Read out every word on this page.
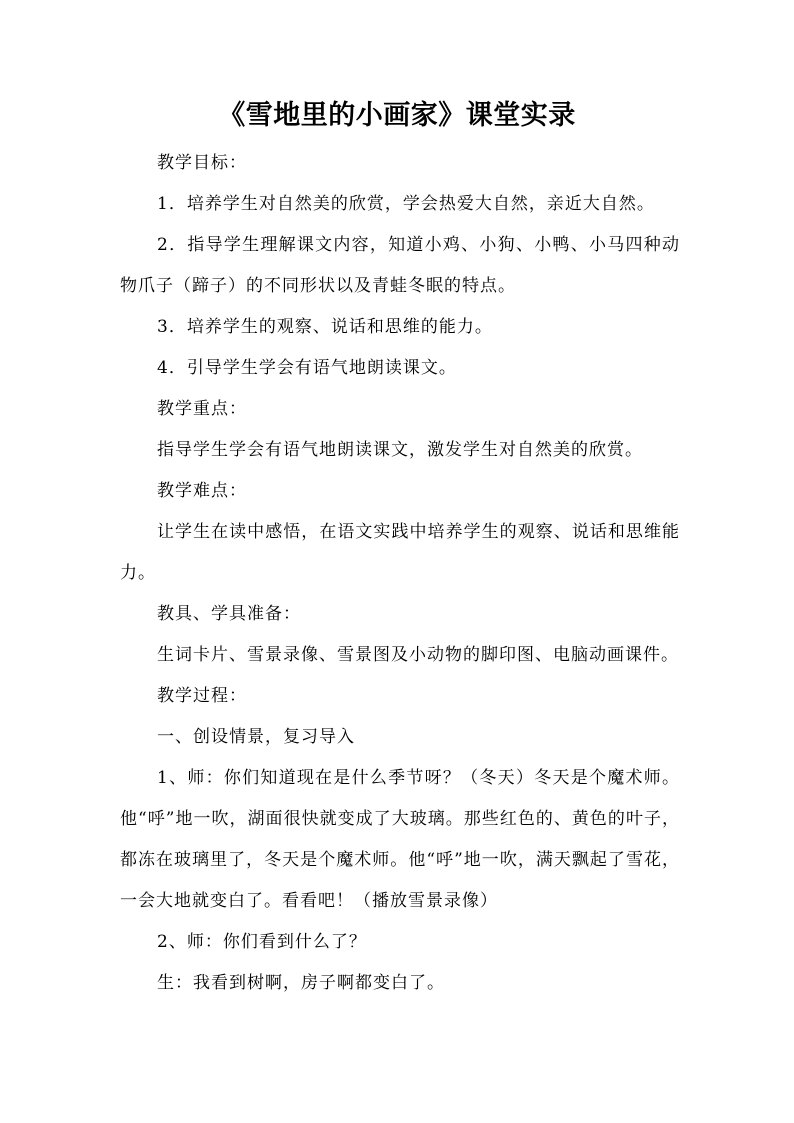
《雪地里的小画家》课堂实录

教学目标：

1．培养学生对自然美的欣赏，学会热爱大自然，亲近大自然。

2．指导学生理解课文内容，知道小鸡、小狗、小鸭、小马四种动物爪子（蹄子）的不同形状以及青蛙冬眠的特点。

3．培养学生的观察、说话和思维的能力。

4．引导学生学会有语气地朗读课文。

教学重点：

指导学生学会有语气地朗读课文，激发学生对自然美的欣赏。

教学难点：

让学生在读中感悟，在语文实践中培养学生的观察、说话和思维能力。

教具、学具准备：

生词卡片、雪景录像、雪景图及小动物的脚印图、电脑动画课件。

教学过程：

一、创设情景，复习导入

1、师：你们知道现在是什么季节呀？（冬天）冬天是个魔术师。他“呼”地一吹，湖面很快就变成了大玻璃。那些红色的、黄色的叶子，都冻在玻璃里了，冬天是个魔术师。他“呼”地一吹，满天飘起了雪花，一会大地就变白了。看看吧！（播放雪景录像）

2、师：你们看到什么了？

生：我看到树啊，房子啊都变白了。
